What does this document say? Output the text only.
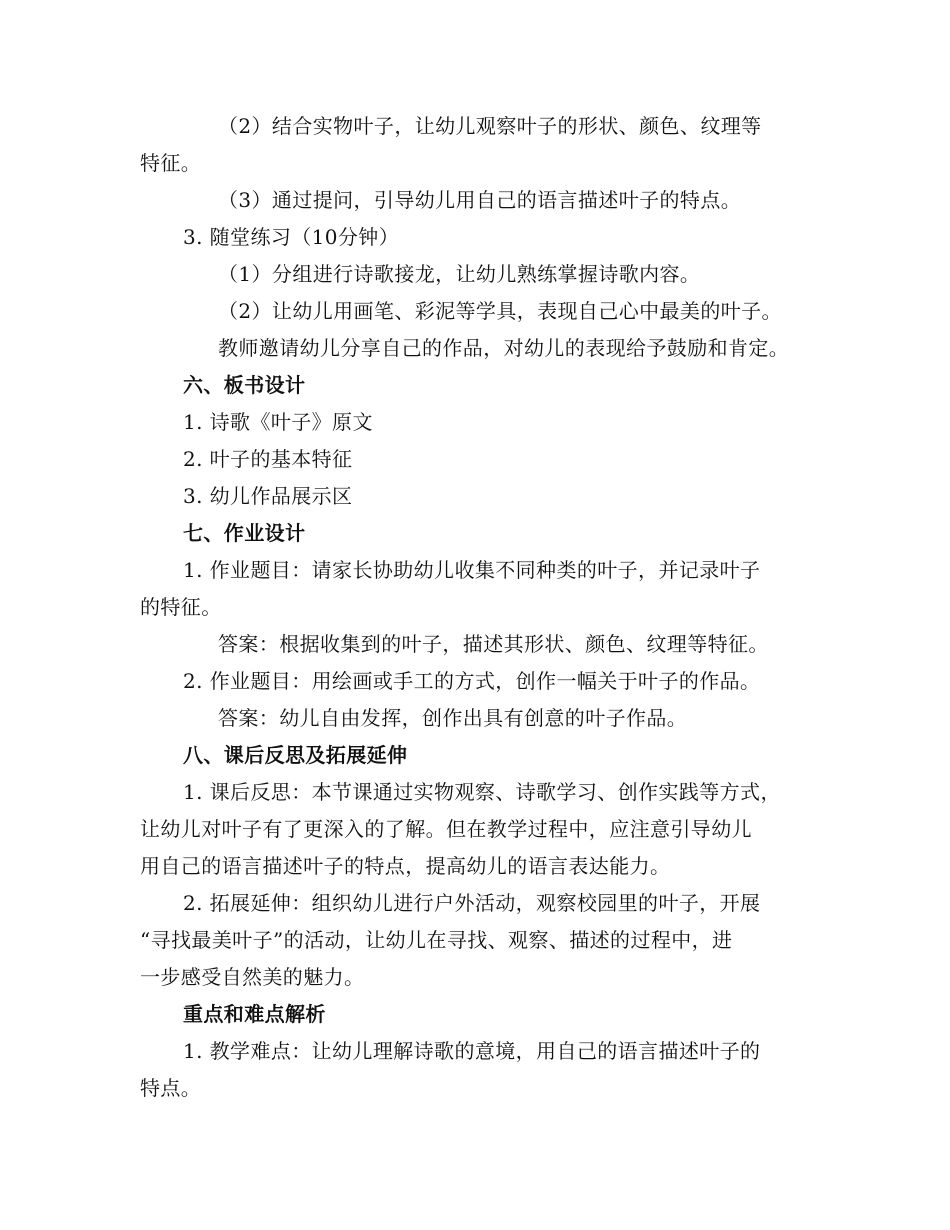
（2）结合实物叶子，让幼儿观察叶子的形状、颜色、纹理等

特征。

（3）通过提问，引导幼儿用自己的语言描述叶子的特点。

3. 随堂练习（10分钟）

（1）分组进行诗歌接龙，让幼儿熟练掌握诗歌内容。

（2）让幼儿用画笔、彩泥等学具，表现自己心中最美的叶子。

教师邀请幼儿分享自己的作品，对幼儿的表现给予鼓励和肯定。

六、板书设计

1. 诗歌《叶子》原文

2. 叶子的基本特征

3. 幼儿作品展示区

七、作业设计

1. 作业题目：请家长协助幼儿收集不同种类的叶子，并记录叶子

的特征。

答案：根据收集到的叶子，描述其形状、颜色、纹理等特征。

2. 作业题目：用绘画或手工的方式，创作一幅关于叶子的作品。

答案：幼儿自由发挥，创作出具有创意的叶子作品。

八、课后反思及拓展延伸

1. 课后反思：本节课通过实物观察、诗歌学习、创作实践等方式，

让幼儿对叶子有了更深入的了解。但在教学过程中，应注意引导幼儿

用自己的语言描述叶子的特点，提高幼儿的语言表达能力。

2. 拓展延伸：组织幼儿进行户外活动，观察校园里的叶子，开展

“寻找最美叶子”的活动，让幼儿在寻找、观察、描述的过程中，进

一步感受自然美的魅力。

重点和难点解析

1. 教学难点：让幼儿理解诗歌的意境，用自己的语言描述叶子的

特点。
